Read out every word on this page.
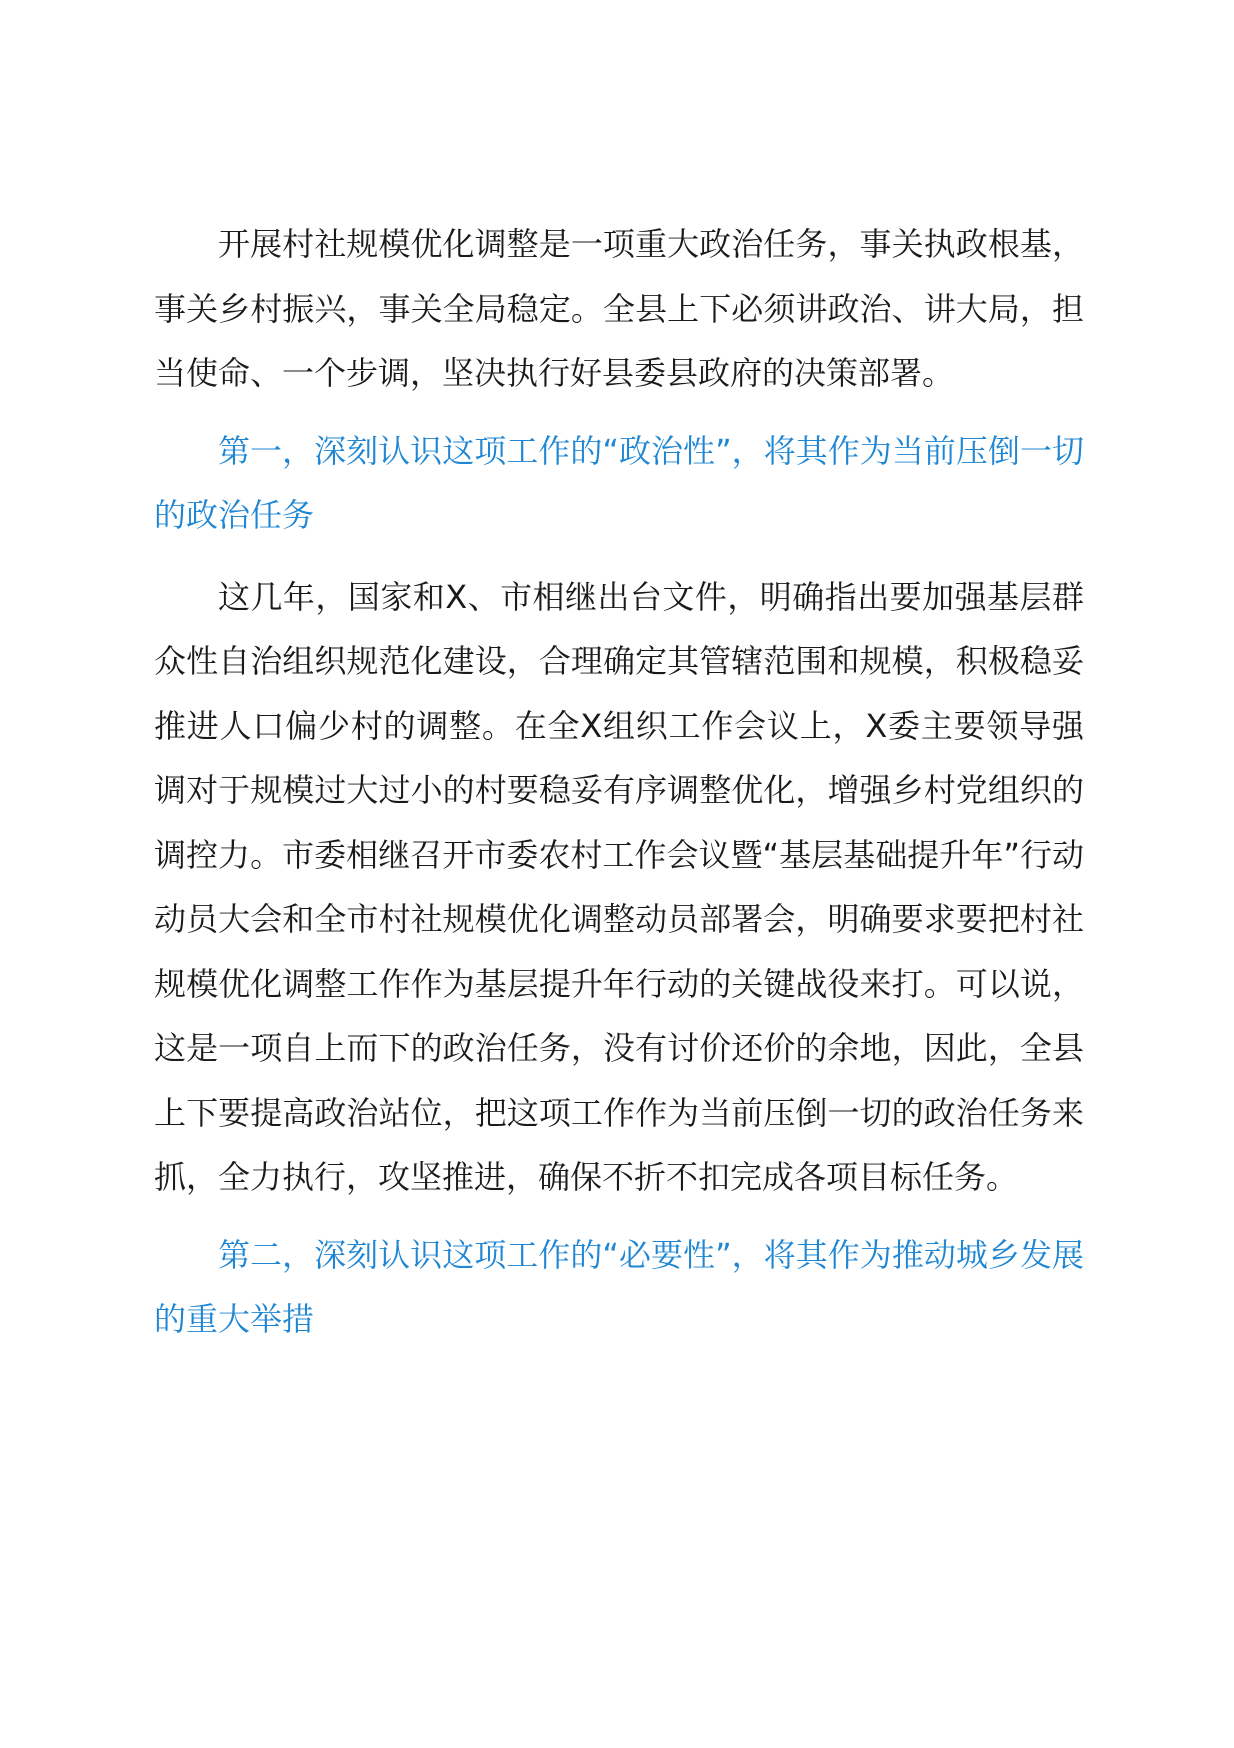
开展村社规模优化调整是一项重大政治任务，事关执政根基，事关乡村振兴，事关全局稳定。全县上下必须讲政治、讲大局，担当使命、一个步调，坚决执行好县委县政府的决策部署。

第一，深刻认识这项工作的“政治性”，将其作为当前压倒一切的政治任务

这几年，国家和X、市相继出台文件，明确指出要加强基层群众性自治组织规范化建设，合理确定其管辖范围和规模，积极稳妥推进人口偏少村的调整。在全X组织工作会议上，X委主要领导强调对于规模过大过小的村要稳妥有序调整优化，增强乡村党组织的调控力。市委相继召开市委农村工作会议暨“基层基础提升年”行动动员大会和全市村社规模优化调整动员部署会，明确要求要把村社规模优化调整工作作为基层提升年行动的关键战役来打。可以说，这是一项自上而下的政治任务，没有讨价还价的余地，因此，全县上下要提高政治站位，把这项工作作为当前压倒一切的政治任务来抓，全力执行，攻坚推进，确保不折不扣完成各项目标任务。

第二，深刻认识这项工作的“必要性”，将其作为推动城乡发展的重大举措
